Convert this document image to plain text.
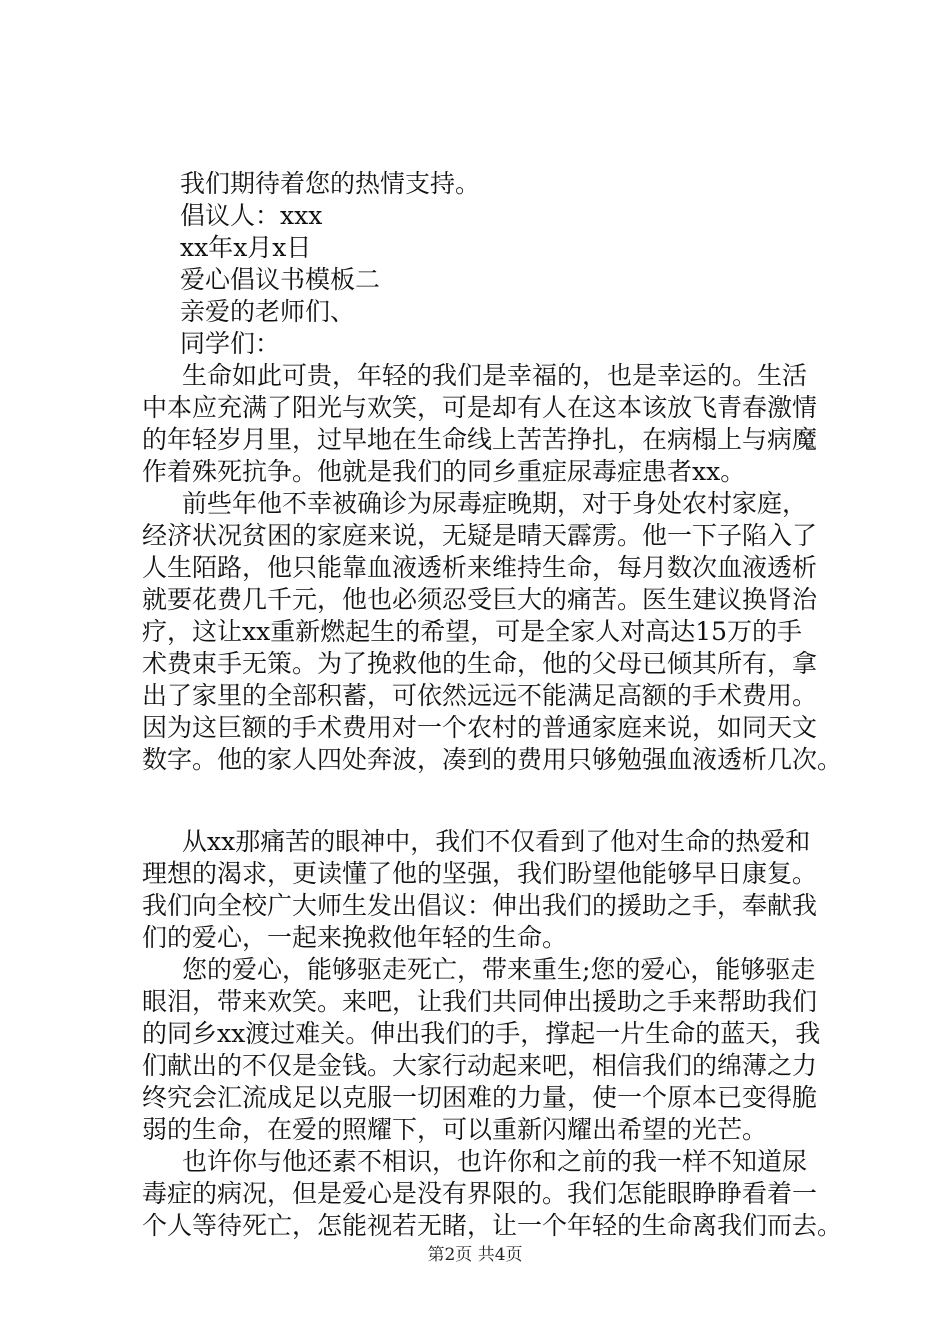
我们期待着您的热情支持。
倡议人：xxx
xx年x月x日
爱心倡议书模板二
亲爱的老师们、
同学们：
生命如此可贵，年轻的我们是幸福的，也是幸运的。生活
中本应充满了阳光与欢笑，可是却有人在这本该放飞青春激情
的年轻岁月里，过早地在生命线上苦苦挣扎，在病榻上与病魔
作着殊死抗争。他就是我们的同乡重症尿毒症患者xx。
前些年他不幸被确诊为尿毒症晚期，对于身处农村家庭，
经济状况贫困的家庭来说，无疑是晴天霹雳。他一下子陷入了
人生陌路，他只能靠血液透析来维持生命，每月数次血液透析
就要花费几千元，他也必须忍受巨大的痛苦。医生建议换肾治
疗，这让xx重新燃起生的希望，可是全家人对高达15万的手
术费束手无策。为了挽救他的生命，他的父母已倾其所有，拿
出了家里的全部积蓄，可依然远远不能满足高额的手术费用。
因为这巨额的手术费用对一个农村的普通家庭来说，如同天文
数字。他的家人四处奔波，凑到的费用只够勉强血液透析几次。
从xx那痛苦的眼神中，我们不仅看到了他对生命的热爱和
理想的渴求，更读懂了他的坚强，我们盼望他能够早日康复。
我们向全校广大师生发出倡议：伸出我们的援助之手，奉献我
们的爱心，一起来挽救他年轻的生命。
您的爱心，能够驱走死亡，带来重生;您的爱心，能够驱走
眼泪，带来欢笑。来吧，让我们共同伸出援助之手来帮助我们
的同乡xx渡过难关。伸出我们的手，撑起一片生命的蓝天，我
们献出的不仅是金钱。大家行动起来吧，相信我们的绵薄之力
终究会汇流成足以克服一切困难的力量，使一个原本已变得脆
弱的生命，在爱的照耀下，可以重新闪耀出希望的光芒。
也许你与他还素不相识，也许你和之前的我一样不知道尿
毒症的病况，但是爱心是没有界限的。我们怎能眼睁睁看着一
个人等待死亡，怎能视若无睹，让一个年轻的生命离我们而去。
第2页 共4页
